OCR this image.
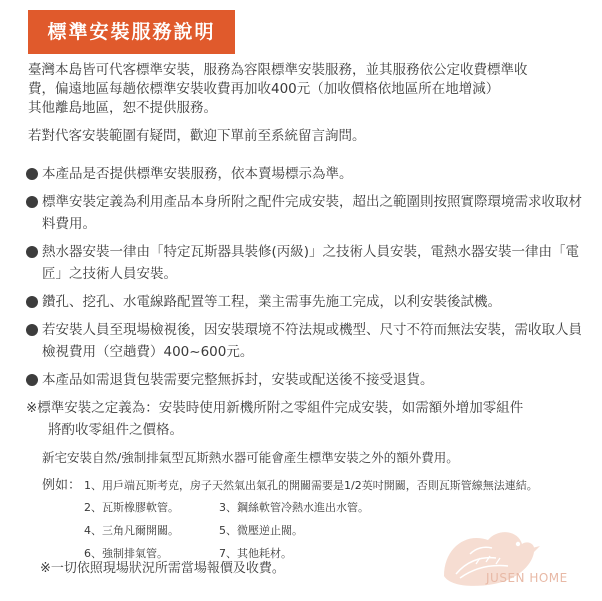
標準安裝服務說明

臺灣本島皆可代客標準安裝，服務為容限標準安裝服務，並其服務依公定收費標準收

費，偏遠地區每趟依標準安裝收費再加收400元（加收價格依地區所在地增減）

其他離島地區，恕不提供服務。

若對代客安裝範圍有疑問，歡迎下單前至系統留言詢問。

本產品是否提供標準安裝服務，依本賣場標示為準。
標準安裝定義為利用產品本身所附之配件完成安裝，超出之範圍則按照實際環境需求收取材料費用。
熱水器安裝一律由「特定瓦斯器具裝修(丙級)」之技術人員安裝，電熱水器安裝一律由「電匠」之技術人員安裝。
鑽孔、挖孔、水電線路配置等工程，業主需事先施工完成，以利安裝後試機。
若安裝人員至現場檢視後，因安裝環境不符法規或機型、尺寸不符而無法安裝，需收取人員檢視費用（空趟費）400~600元。
本產品如需退貨包裝需要完整無拆封，安裝或配送後不接受退貨。

※標準安裝之定義為：安裝時使用新機所附之零組件完成安裝，如需額外增加零組件

將酌收零組件之價格。

新宅安裝自然/強制排氣型瓦斯熱水器可能會產生標準安裝之外的額外費用。
例如： 1、用戶端瓦斯考克，房子天然氣出氣孔的開關需要是1/2英吋開關，否則瓦斯管線無法連結。
2、瓦斯橡膠軟管。	3、鋼絲軟管冷熱水進出水管。
4、三角凡爾開關。	5、微壓逆止閥。
6、強制排氣管。	7、其他耗材。
※一切依照現場狀況所需當場報價及收費。
JUSEN HOME
